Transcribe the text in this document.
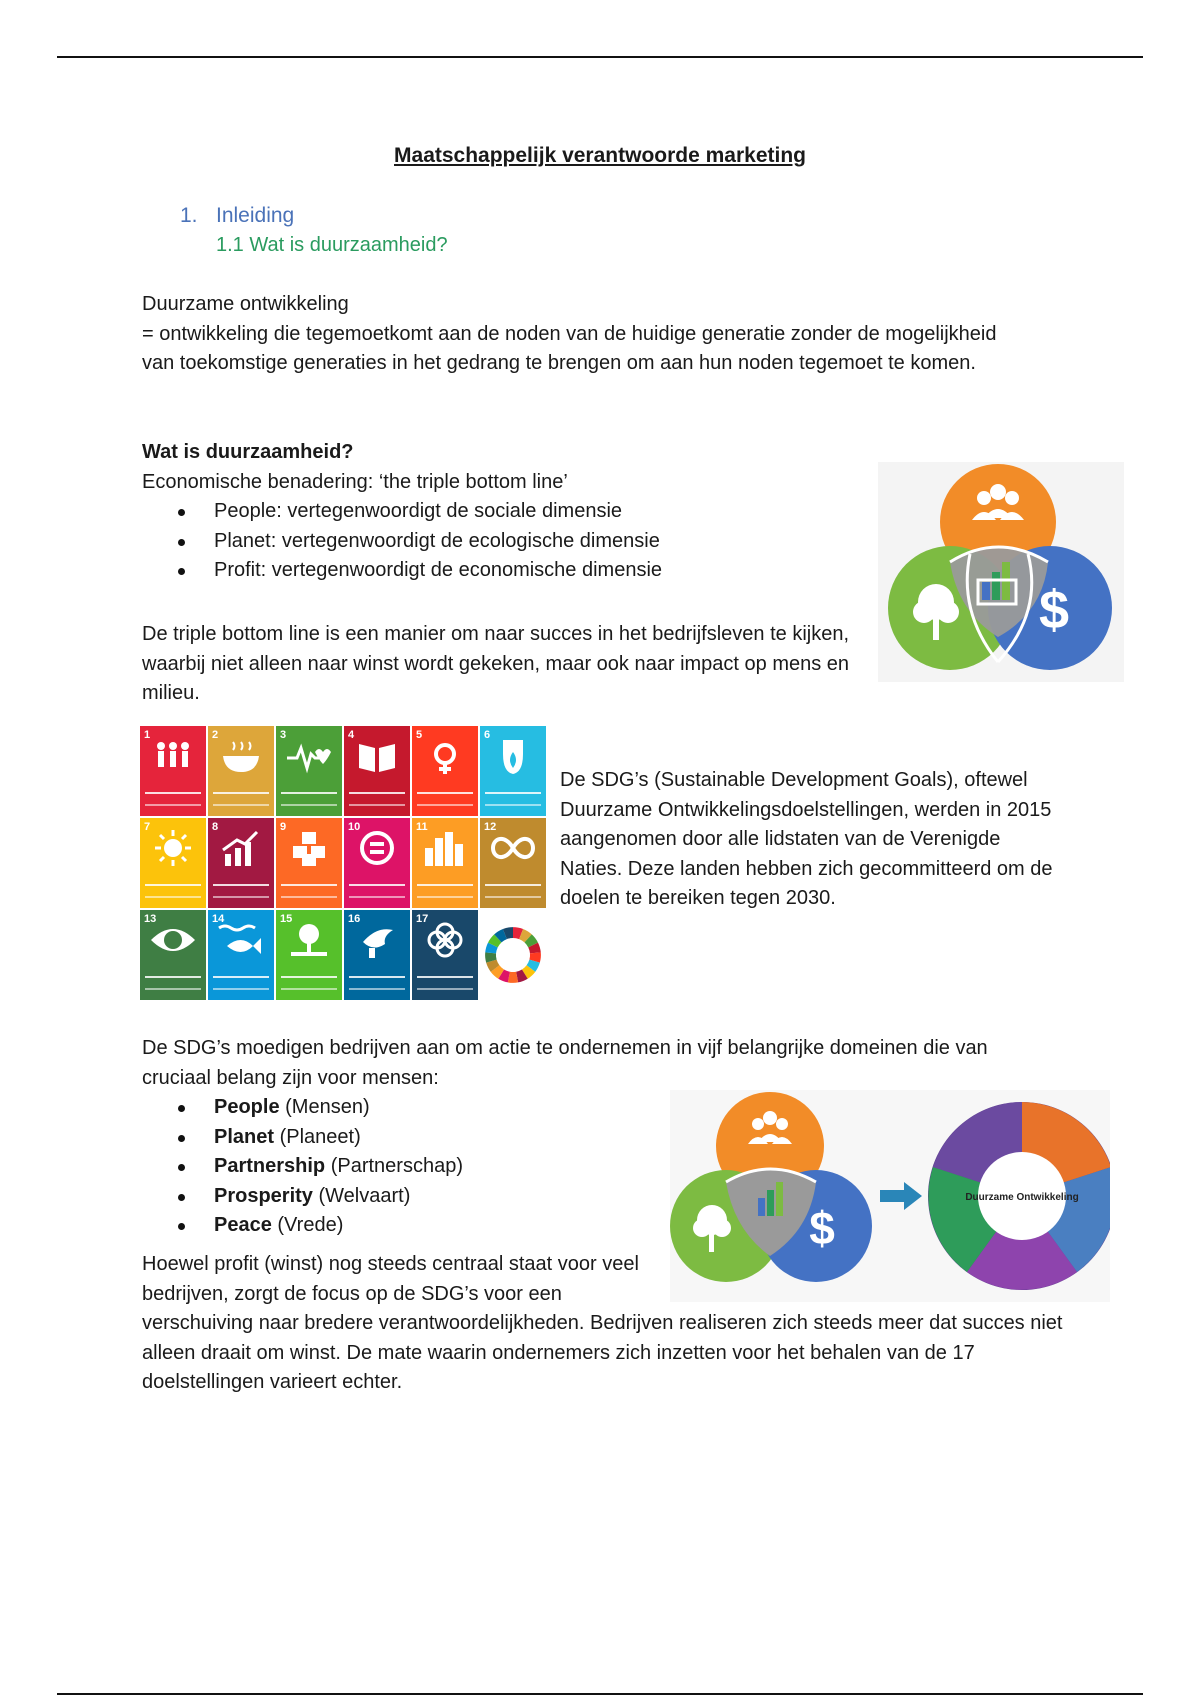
Maatschappelijk verantwoorde marketing
1. Inleiding
1.1 Wat is duurzaamheid?

Duurzame ontwikkeling

= ontwikkeling die tegemoetkomt aan de noden van de huidige generatie zonder de mogelijkheid van toekomstige generaties in het gedrang te brengen om aan hun noden tegemoet te komen.

Wat is duurzaamheid?

Economische benadering: ‘the triple bottom line’

People: vertegenwoordigt de sociale dimensie
Planet: vertegenwoordigt de ecologische dimensie
Profit: vertegenwoordigt de economische dimensie
De triple bottom line is een manier om naar succes in het bedrijfsleven te kijken, waarbij niet alleen naar winst wordt gekeken, maar ook naar impact op mens en milieu.
$
1	2	3	4	5	6
7	8	9	10	11	12
13	14	15	16	17
De SDG’s (Sustainable Development Goals), oftewel Duurzame Ontwikkelingsdoelstellingen, werden in 2015 aangenomen door alle lidstaten van de Verenigde Naties. Deze landen hebben zich gecommitteerd om de doelen te bereiken tegen 2030.
De SDG’s moedigen bedrijven aan om actie te ondernemen in vijf belangrijke domeinen die van cruciaal belang zijn voor mensen:
People (Mensen)
Planet (Planeet)
Partnership (Partnerschap)
Prosperity (Welvaart)
Peace (Vrede)
Hoewel profit (winst) nog steeds centraal staat voor veel bedrijven, zorgt de focus op de SDG’s voor een
verschuiving naar bredere verantwoordelijkheden. Bedrijven realiseren zich steeds meer dat succes niet alleen draait om winst. De mate waarin ondernemers zich inzetten voor het behalen van de 17 doelstellingen varieert echter.
$
Duurzame Ontwikkeling
